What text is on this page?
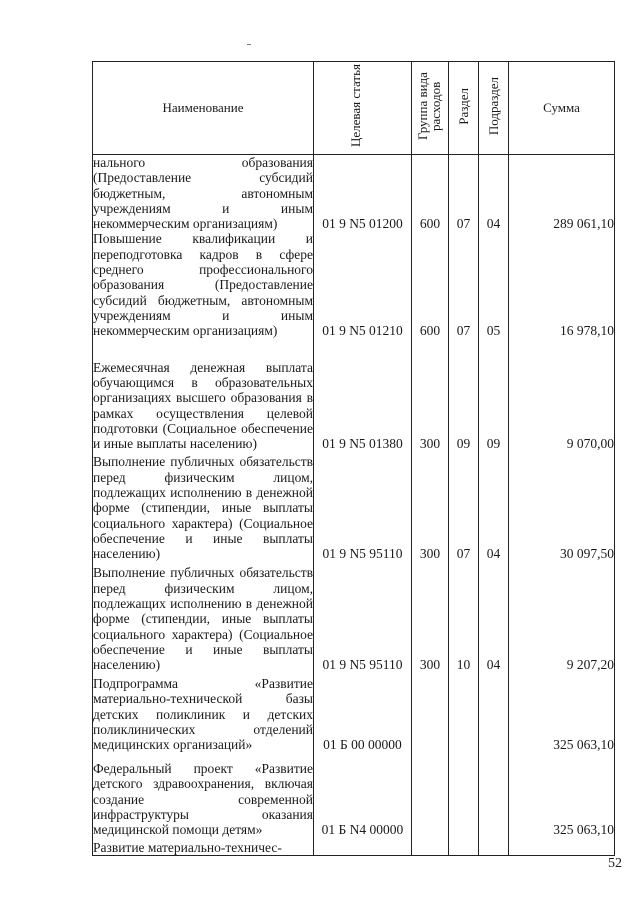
Наименование	Целевая статья	Группа вида расходов	Раздел	Подраздел	Сумма
нального образования (Предоставление субсидий бюджетным, автономным учреждениям и иным некоммерческим организациям)	01 9 N5 01200	600	07	04	289 061,10
Повышение квалификации и переподготовка кадров в сфере среднего профессионального образования (Предоставление субсидий бюджетным, автономным учреждениям и иным некоммерческим организациям)	01 9 N5 01210	600	07	05	16 978,10
Ежемесячная денежная выплата обучающимся в образовательных организациях высшего образования в рамках осуществления целевой подготовки (Социальное обеспечение и иные выплаты населению)	01 9 N5 01380	300	09	09	9 070,00
Выполнение публичных обязательств перед физическим лицом, подлежащих исполнению в денежной форме (стипендии, иные выплаты социального характера) (Социальное обеспечение и иные выплаты населению)	01 9 N5 95110	300	07	04	30 097,50
Выполнение публичных обязательств перед физическим лицом, подлежащих исполнению в денежной форме (стипендии, иные выплаты социального характера) (Социальное обеспечение и иные выплаты населению)	01 9 N5 95110	300	10	04	9 207,20
Подпрограмма «Развитие материально-технической базы детских поликлиник и детских поликлинических отделений медицинских организаций»	01 Б 00 00000				325 063,10
Федеральный проект «Развитие детского здравоохранения, включая создание современной инфраструктуры оказания медицинской помощи детям»	01 Б N4 00000				325 063,10
Развитие материально-техничес-					
52
